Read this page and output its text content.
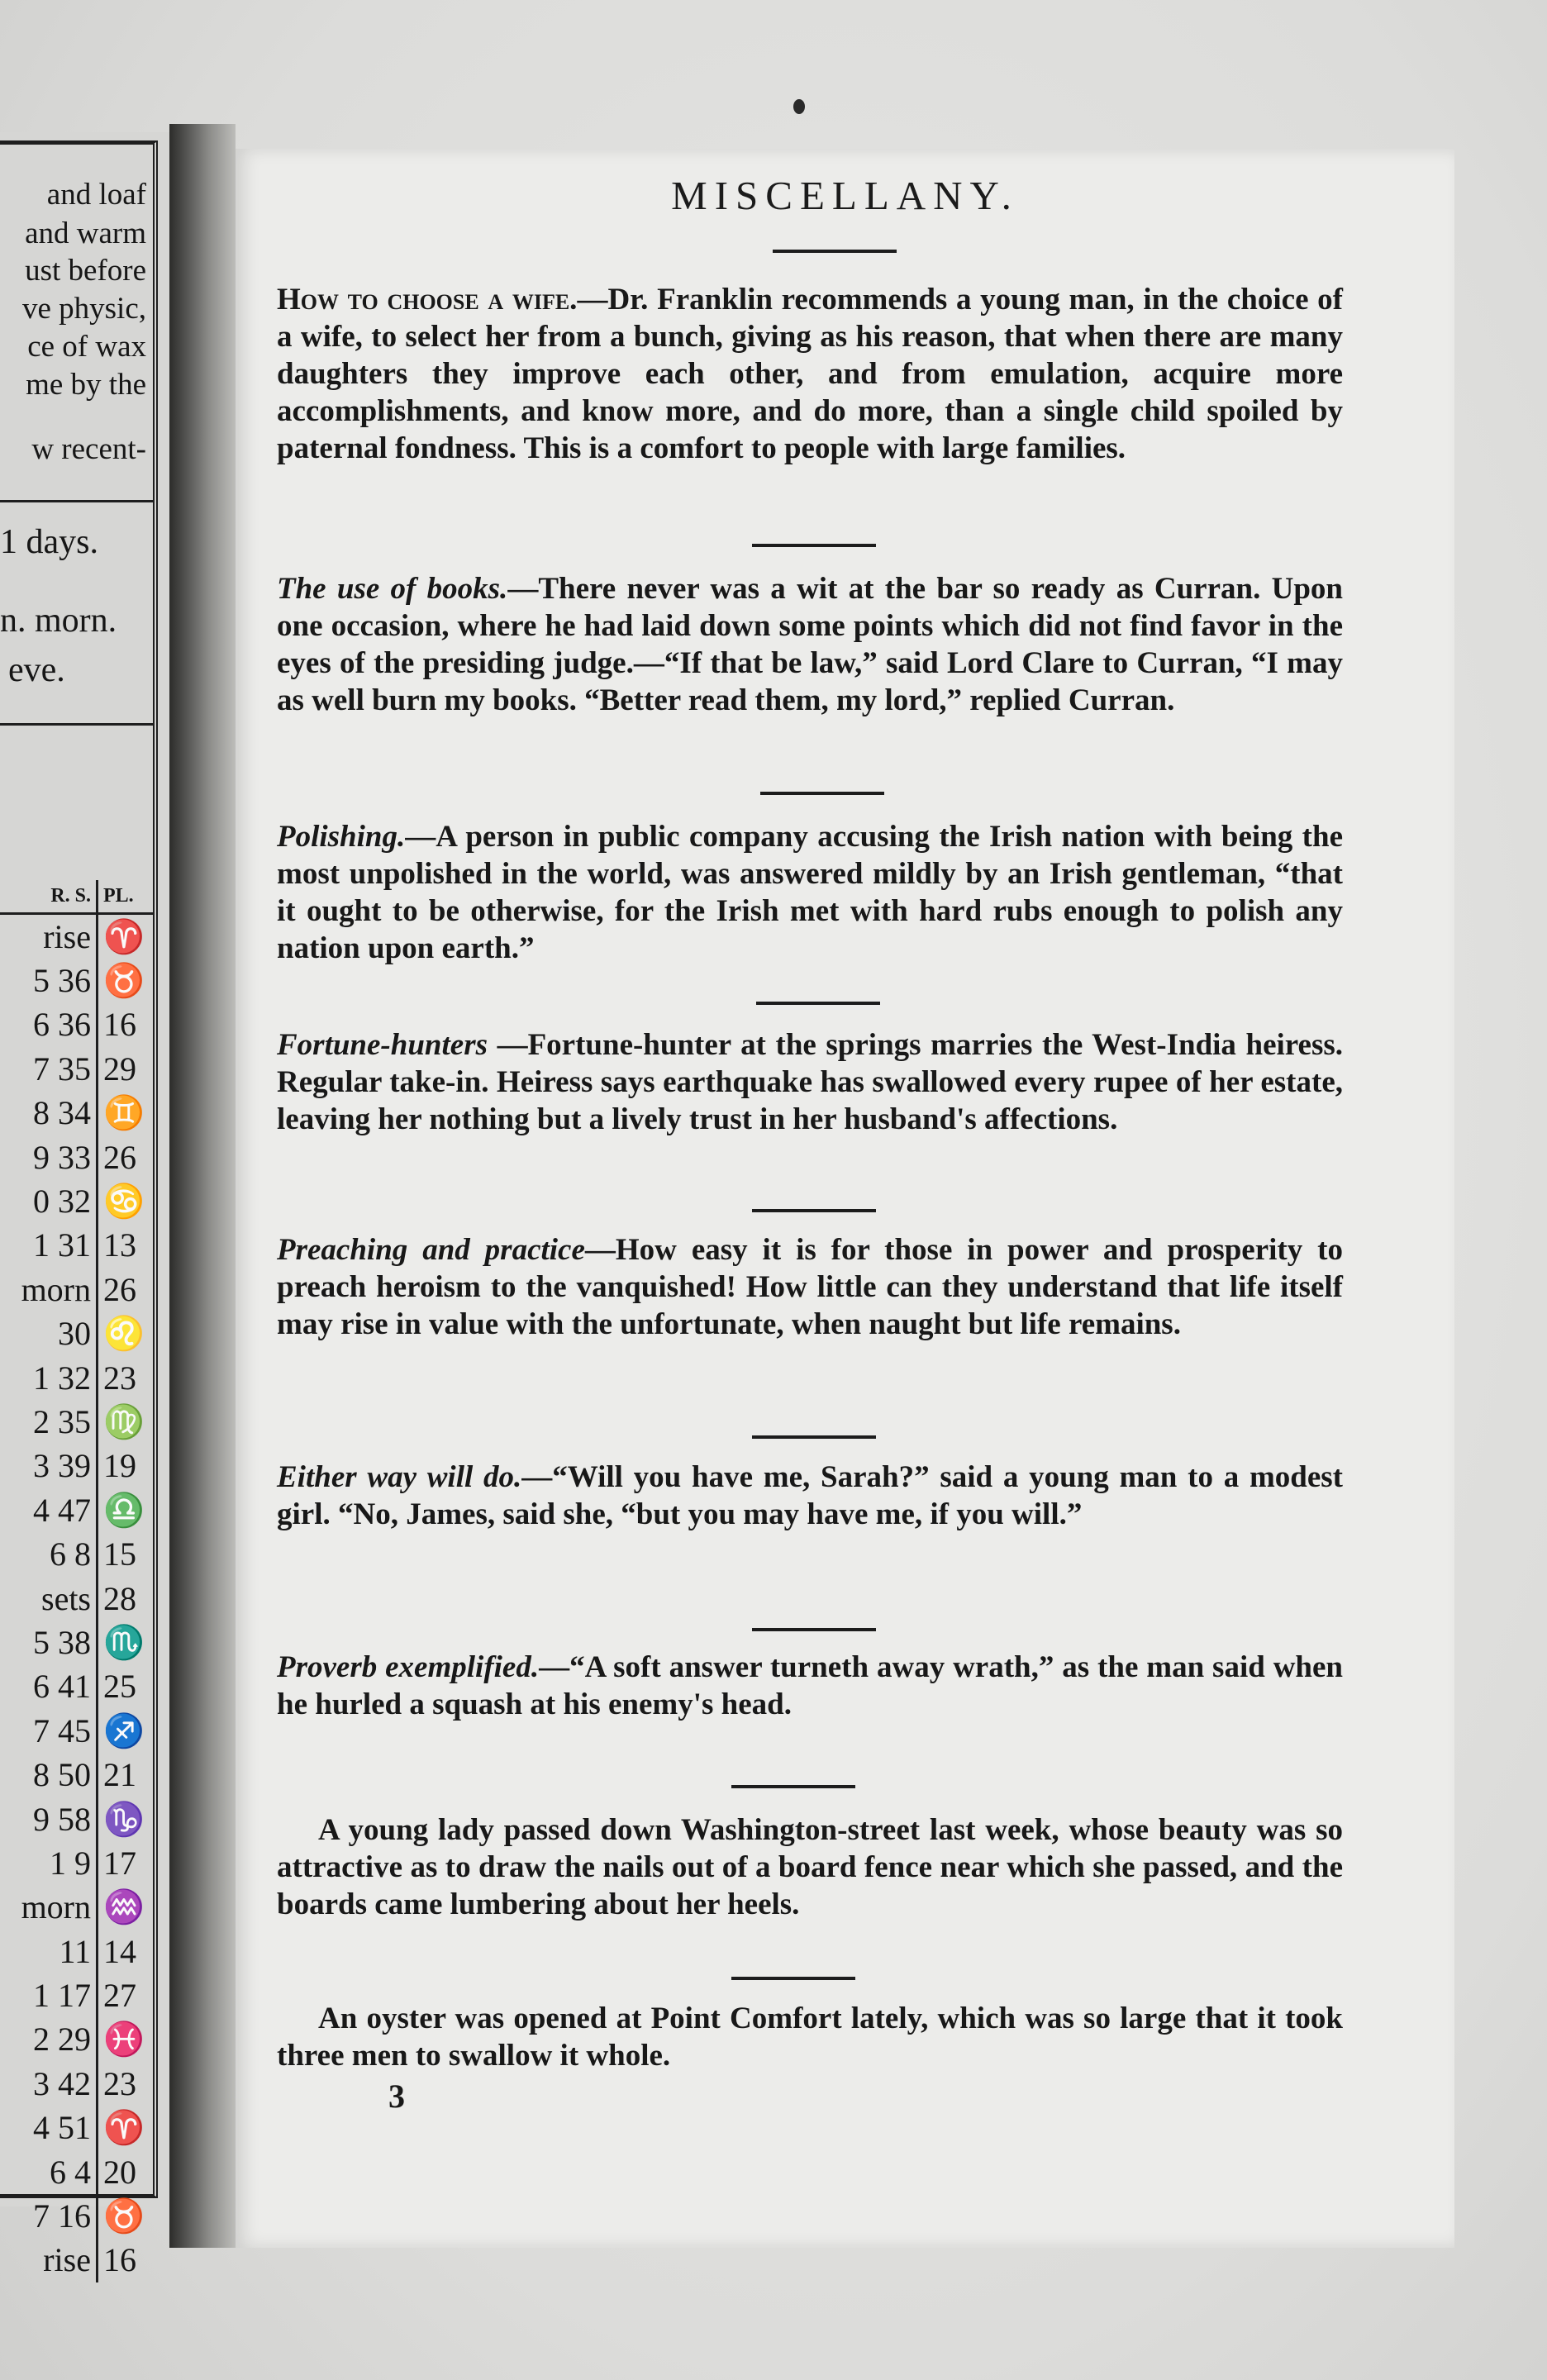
and loaf
and warm
ust before
ve physic,
ce of wax
me by the
w recent-
1 days.
n. morn.
eve.
R. S.	PL.
rise	♈
5 36	♉
6 36	16
7 35	29
8 34	♊
9 33	26
0 32	♋
1 31	13
morn	26
30	♌
1 32	23
2 35	♍
3 39	19
4 47	♎
6 8	15
sets	28
5 38	♏
6 41	25
7 45	♐
8 50	21
9 58	♑
1 9	17
morn	♒
11	14
1 17	27
2 29	♓
3 42	23
4 51	♈
6 4	20
7 16	♉
rise	16
MISCELLANY.
How to choose a wife.—Dr. Franklin recommends a young man, in the choice of a wife, to select her from a bunch, giving as his reason, that when there are many daughters they improve each other, and from emulation, acquire more accomplishments, and know more, and do more, than a single child spoiled by paternal fondness. This is a comfort to people with large families.
The use of books.—There never was a wit at the bar so ready as Curran. Upon one occasion, where he had laid down some points which did not find favor in the eyes of the presiding judge.—“If that be law,” said Lord Clare to Curran, “I may as well burn my books. “Better read them, my lord,” replied Curran.
Polishing.—A person in public company accusing the Irish nation with being the most unpolished in the world, was answered mildly by an Irish gentleman, “that it ought to be otherwise, for the Irish met with hard rubs enough to polish any nation upon earth.”
Fortune-hunters —Fortune-hunter at the springs marries the West-India heiress. Regular take-in. Heiress says earthquake has swallowed every rupee of her estate, leaving her nothing but a lively trust in her husband's affections.
Preaching and practice—How easy it is for those in power and prosperity to preach heroism to the vanquished! How little can they understand that life itself may rise in value with the unfortunate, when naught but life remains.
Either way will do.—“Will you have me, Sarah?” said a young man to a modest girl. “No, James, said she, “but you may have me, if you will.”
Proverb exemplified.—“A soft answer turneth away wrath,” as the man said when he hurled a squash at his enemy's head.
A young lady passed down Washington-street last week, whose beauty was so attractive as to draw the nails out of a board fence near which she passed, and the boards came lumbering about her heels.
An oyster was opened at Point Comfort lately, which was so large that it took three men to swallow it whole.
3
